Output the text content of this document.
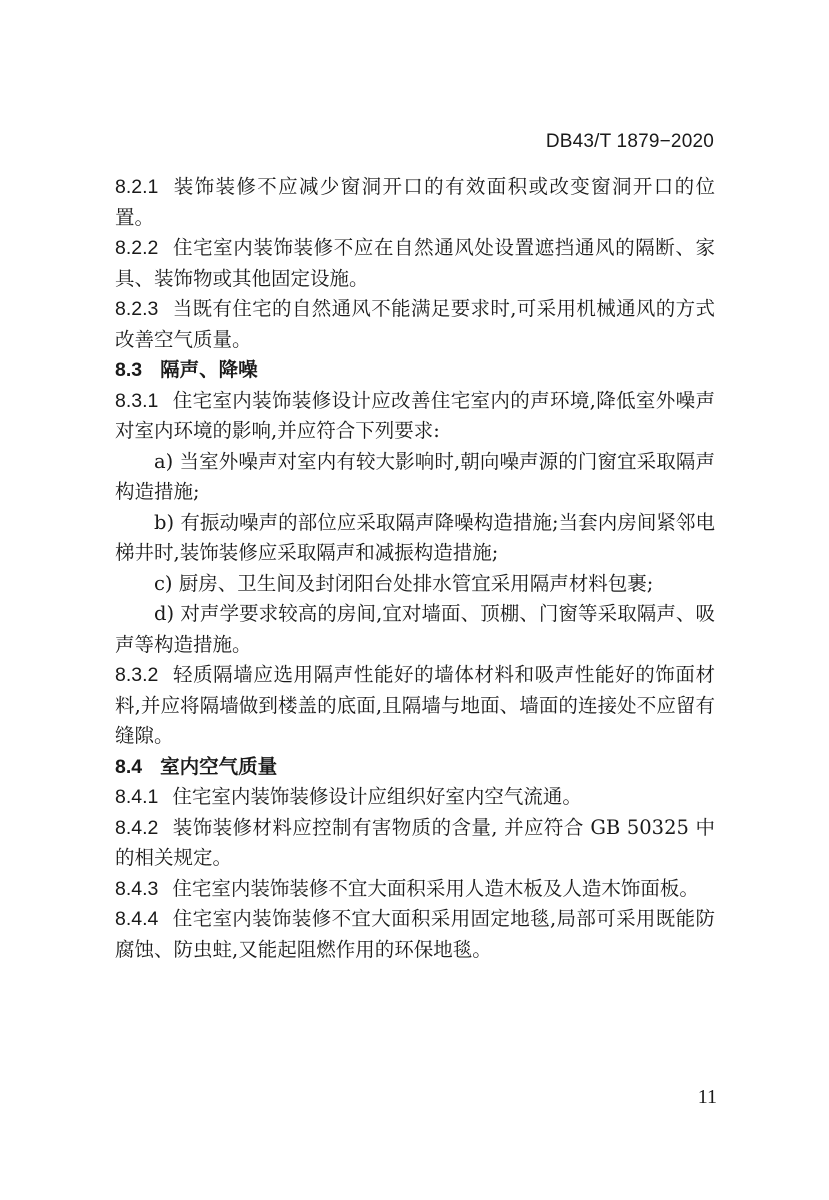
DB43/T 1879−2020

8.2.1 装饰装修不应减少窗洞开口的有效面积或改变窗洞开口的位置。

8.2.2 住宅室内装饰装修不应在自然通风处设置遮挡通风的隔断、家具、装饰物或其他固定设施。

8.2.3 当既有住宅的自然通风不能满足要求时,可采用机械通风的方式改善空气质量。

8.3 隔声、降噪

8.3.1 住宅室内装饰装修设计应改善住宅室内的声环境,降低室外噪声对室内环境的影响,并应符合下列要求:

a) 当室外噪声对室内有较大影响时,朝向噪声源的门窗宜采取隔声构造措施;

b) 有振动噪声的部位应采取隔声降噪构造措施;当套内房间紧邻电梯井时,装饰装修应采取隔声和减振构造措施;

c) 厨房、卫生间及封闭阳台处排水管宜采用隔声材料包裹;

d) 对声学要求较高的房间,宜对墙面、顶棚、门窗等采取隔声、吸声等构造措施。

8.3.2 轻质隔墙应选用隔声性能好的墙体材料和吸声性能好的饰面材料,并应将隔墙做到楼盖的底面,且隔墙与地面、墙面的连接处不应留有缝隙。

8.4 室内空气质量

8.4.1 住宅室内装饰装修设计应组织好室内空气流通。

8.4.2 装饰装修材料应控制有害物质的含量, 并应符合 GB 50325 中的相关规定。

8.4.3 住宅室内装饰装修不宜大面积采用人造木板及人造木饰面板。

8.4.4 住宅室内装饰装修不宜大面积采用固定地毯,局部可采用既能防腐蚀、防虫蛀,又能起阻燃作用的环保地毯。

11
